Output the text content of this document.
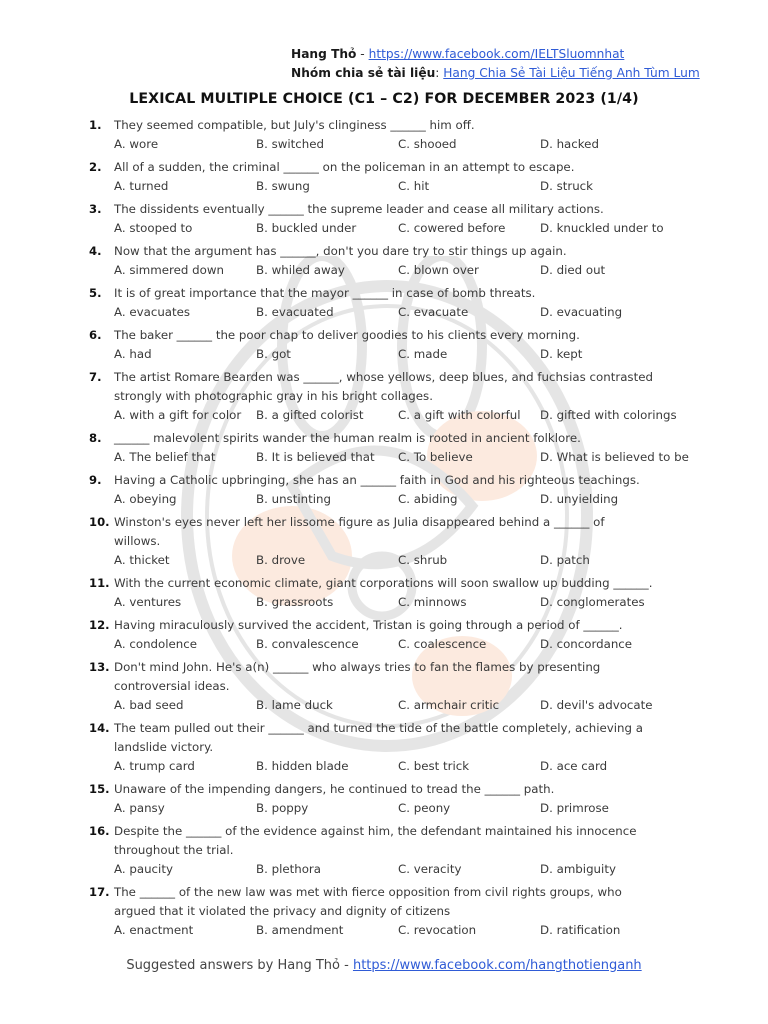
Hang Thỏ - https://www.facebook.com/IELTSluomnhat
Nhóm chia sẻ tài liệu: Hang Chia Sẻ Tài Liệu Tiếng Anh Tùm Lum
LEXICAL MULTIPLE CHOICE (C1 – C2) FOR DECEMBER 2023 (1/4)
1. They seemed compatible, but July's clinginess ______ him off.
A. wore	B. switched	C. shooed	D. hacked
2. All of a sudden, the criminal ______ on the policeman in an attempt to escape.
A. turned	B. swung	C. hit	D. struck
3. The dissidents eventually ______ the supreme leader and cease all military actions.
A. stooped to	B. buckled under	C. cowered before	D. knuckled under to
4. Now that the argument has ______, don't you dare try to stir things up again.
A. simmered down	B. whiled away	C. blown over	D. died out
5. It is of great importance that the mayor ______ in case of bomb threats.
A. evacuates	B. evacuated	C. evacuate	D. evacuating
6. The baker ______ the poor chap to deliver goodies to his clients every morning.
A. had	B. got	C. made	D. kept
7. The artist Romare Bearden was ______, whose yellows, deep blues, and fuchsias contrasted strongly with photographic gray in his bright collages.
A. with a gift for color B. a gifted colorist	C. a gift with colorful D. gifted with colorings
8. ______ malevolent spirits wander the human realm is rooted in ancient folklore.
A. The belief that	B. It is believed that C. To believe	D. What is believed to be
9. Having a Catholic upbringing, she has an ______ faith in God and his righteous teachings.
A. obeying	B. unstinting	C. abiding	D. unyielding
10. Winston's eyes never left her lissome figure as Julia disappeared behind a ______ of willows.
A. thicket	B. drove	C. shrub	D. patch
11. With the current economic climate, giant corporations will soon swallow up budding ______.
A. ventures	B. grassroots	C. minnows	D. conglomerates
12. Having miraculously survived the accident, Tristan is going through a period of ______.
A. condolence	B. convalescence	C. coalescence	D. concordance
13. Don't mind John. He's a(n) ______ who always tries to fan the flames by presenting controversial ideas.
A. bad seed	B. lame duck	C. armchair critic	D. devil's advocate
14. The team pulled out their ______ and turned the tide of the battle completely, achieving a landslide victory.
A. trump card	B. hidden blade	C. best trick	D. ace card
15. Unaware of the impending dangers, he continued to tread the ______ path.
A. pansy	B. poppy	C. peony	D. primrose
16. Despite the ______ of the evidence against him, the defendant maintained his innocence throughout the trial.
A. paucity	B. plethora	C. veracity	D. ambiguity
17. The ______ of the new law was met with fierce opposition from civil rights groups, who argued that it violated the privacy and dignity of citizens
A. enactment	B. amendment	C. revocation	D. ratification
Suggested answers by Hang Thỏ - https://www.facebook.com/hangthotienganh
